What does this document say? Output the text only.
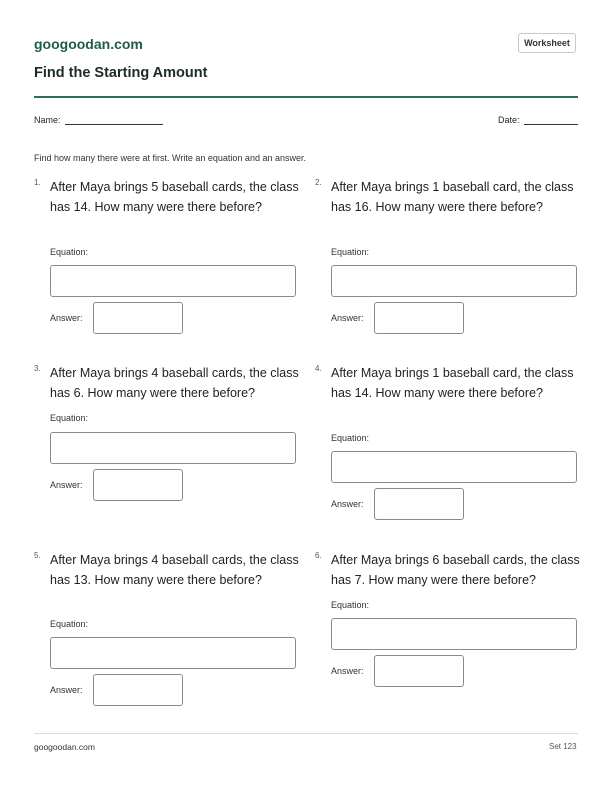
googoodan.com	Worksheet
Find the Starting Amount
Name:	Date:
Find how many there were at first. Write an equation and an answer.
1. After Maya brings 5 baseball cards, the class has 14. How many were there before?
Equation:
Answer:
2. After Maya brings 1 baseball card, the class has 16. How many were there before?
Equation:
Answer:
3. After Maya brings 4 baseball cards, the class has 6. How many were there before?
Equation:
Answer:
4. After Maya brings 1 baseball card, the class has 14. How many were there before?
Equation:
Answer:
5. After Maya brings 4 baseball cards, the class has 13. How many were there before?
Equation:
Answer:
6. After Maya brings 6 baseball cards, the class has 7. How many were there before?
Equation:
Answer:
googoodan.com	Set 123
